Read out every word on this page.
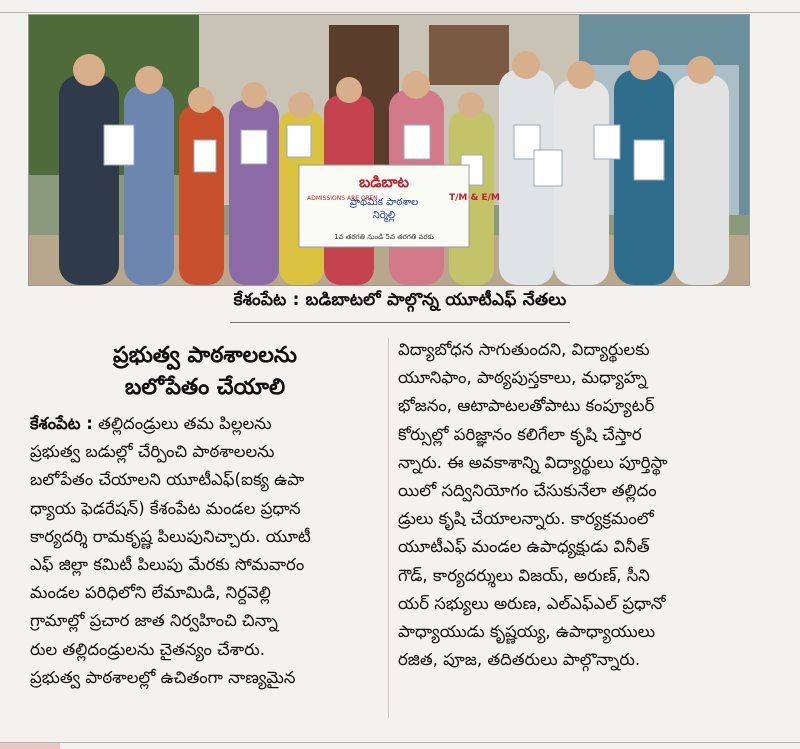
బడిబాట
ప్రాథమిక పాఠశాల
నిర్మెల్లి
ADMISSIONS ARE OPEN	T/M & E/M
1వ తరగతి నుండి 5వ తరగతి వరకు
కేశంపేట : బడిబాటలో పాల్గొన్న యూటీఎఫ్ నేతలు
ప్రభుత్వ పాఠశాలలను
బలోపేతం చేయాలి
కేశంపేట : తల్లిదండ్రులు తమ పిల్లలను
ప్రభుత్వ బడుల్లో చేర్పించి పాఠశాలలను
బలోపేతం చేయాలని యూటీఎఫ్(ఐక్య ఉపా
ధ్యాయ ఫెడరేషన్) కేశంపేట మండల ప్రధాన
కార్యదర్శి రామకృష్ణ పిలుపునిచ్చారు. యూటీ
ఎఫ్ జిల్లా కమిటీ పిలుపు మేరకు సోమవారం
మండల పరిధిలోని లేమామిడి, నిర్దవెల్లి
గ్రామాల్లో ప్రచార జాత నిర్వహించి చిన్నా
రుల తల్లిదండ్రులను చైతన్యం చేశారు.
ప్రభుత్వ పాఠశాలల్లో ఉచితంగా నాణ్యమైన
విద్యాబోధన సాగుతుందని, విద్యార్థులకు
యూనిఫాం, పాఠ్యపుస్తకాలు, మధ్యాహ్న
భోజనం, ఆటాపాటలతోపాటు కంప్యూటర్
కోర్సుల్లో పరిజ్ఞానం కలిగేలా కృషి చేస్తార
న్నారు. ఈ అవకాశాన్ని విద్యార్థులు పూర్తిస్థా
యిలో సద్వినియోగం చేసుకునేలా తల్లిదం
డ్రులు కృషి చేయాలన్నారు. కార్యక్రమంలో
యూటీఎఫ్ మండల ఉపాధ్యక్షుడు వినీత్
గౌడ్, కార్యదర్శులు విజయ్, అరుణ్, సీని
యర్ సభ్యులు అరుణ, ఎల్ఎఫ్ఎల్ ప్రధానో
పాధ్యాయుడు కృష్ణయ్య, ఉపాధ్యాయులు
రజిత, పూజ, తదితరులు పాల్గొన్నారు.
